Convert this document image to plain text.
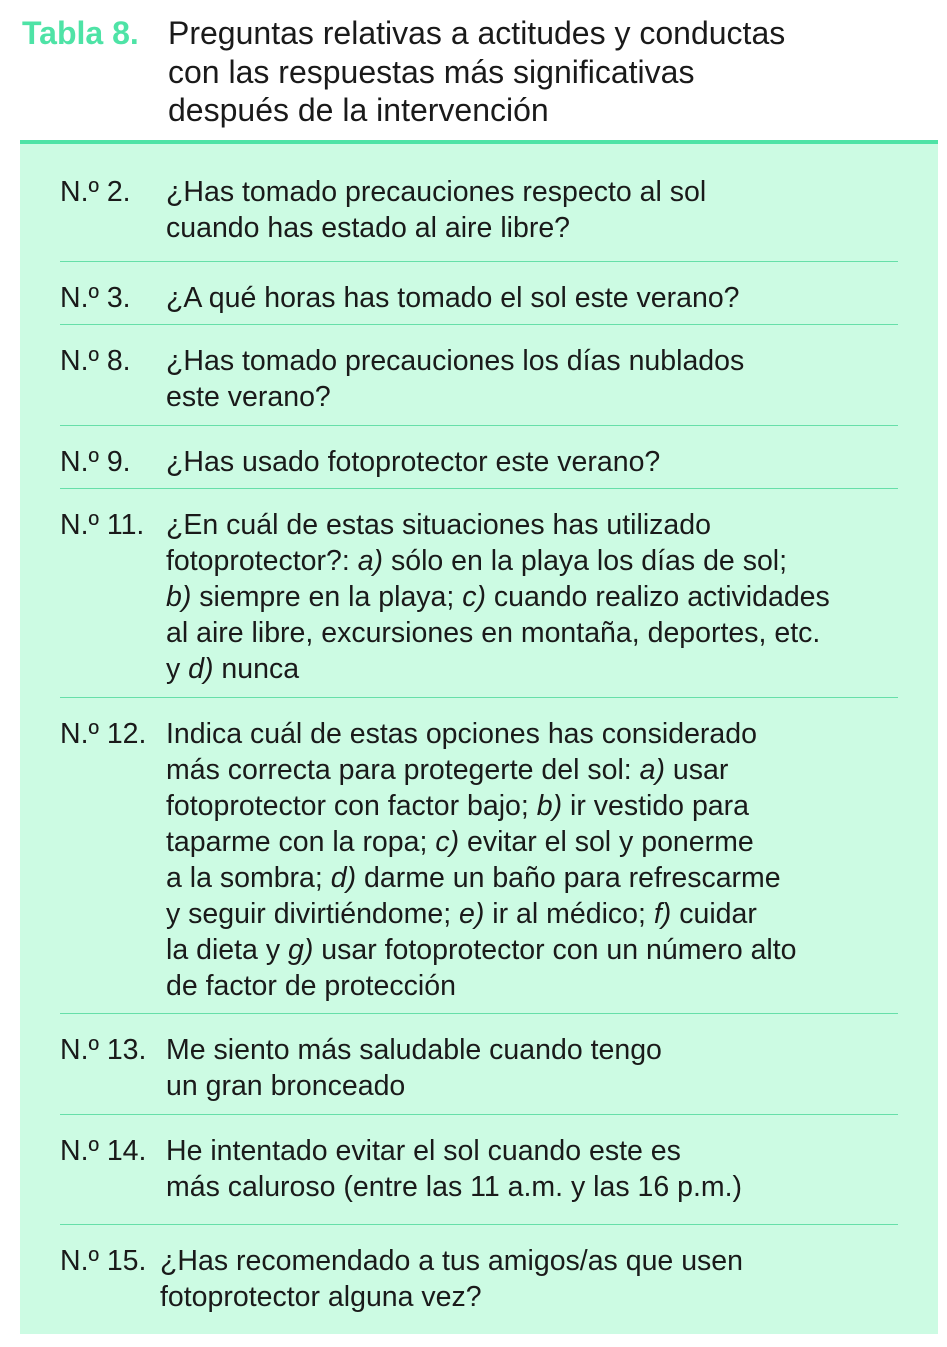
Tabla 8. Preguntas relativas a actitudes y conductas
con las respuestas más significativas
después de la intervención
N.º 2.	¿Has tomado precauciones respecto al sol
cuando has estado al aire libre?
N.º 3.	¿A qué horas has tomado el sol este verano?
N.º 8.	¿Has tomado precauciones los días nublados
este verano?
N.º 9.	¿Has usado fotoprotector este verano?
N.º 11. ¿En cuál de estas situaciones has utilizado
fotoprotector?: a) sólo en la playa los días de sol;
b) siempre en la playa; c) cuando realizo actividades
al aire libre, excursiones en montaña, deportes, etc.
y d) nunca
N.º 12. Indica cuál de estas opciones has considerado
más correcta para protegerte del sol: a) usar
fotoprotector con factor bajo; b) ir vestido para
taparme con la ropa; c) evitar el sol y ponerme
a la sombra; d) darme un baño para refrescarme
y seguir divirtiéndome; e) ir al médico; f) cuidar
la dieta y g) usar fotoprotector con un número alto
de factor de protección
N.º 13. Me siento más saludable cuando tengo
un gran bronceado
N.º 14. He intentado evitar el sol cuando este es
más caluroso (entre las 11 a.m. y las 16 p.m.)
N.º 15. ¿Has recomendado a tus amigos/as que usen
fotoprotector alguna vez?
